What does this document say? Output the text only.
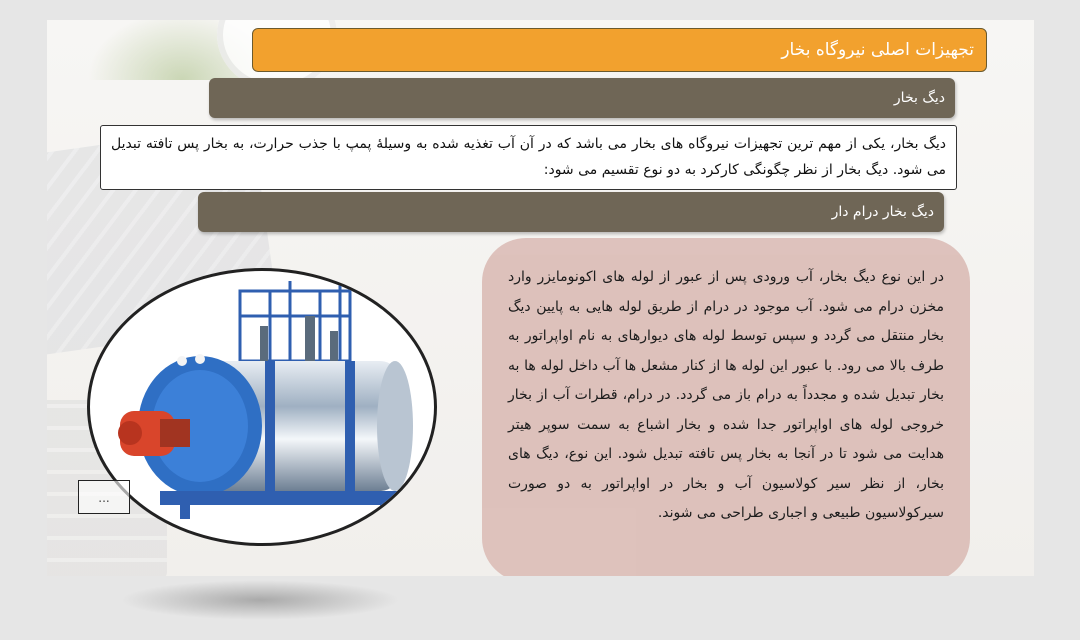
تجهیزات اصلی نیروگاه بخار
دیگ بخار
دیگ بخار، یکی از مهم ترین تجهیزات نیروگاه های بخار می باشد که در آن آب تغذیه شده به وسیلهٔ پمپ با جذب حرارت، به بخار پس تافته تبدیل می شود. دیگ بخار از نظر چگونگی کارکرد به دو نوع تقسیم می شود:
دیگ بخار درام دار
در این نوع دیگ بخار، آب ورودی پس از عبور از لوله های اکونومایزر وارد مخزن درام می شود. آب موجود در درام از طریق لوله هایی به پایین دیگ بخار منتقل می گردد و سپس توسط لوله های دیوارهای به نام اواپراتور به طرف بالا می رود. با عبور این لوله ها از کنار مشعل ها آب داخل لوله ها به بخار تبدیل شده و مجدداً به درام باز می گردد. در درام، قطرات آب از بخار خروجی لوله های اواپراتور جدا شده و بخار اشباع به سمت سوپر هیتر هدایت می شود تا در آنجا به بخار پس تافته تبدیل شود. این نوع، دیگ های بخار، از نظر سیر کولاسیون آب و بخار در اواپراتور به دو صورت سیرکولاسیون طبیعی و اجباری طراحی می شوند.
...
